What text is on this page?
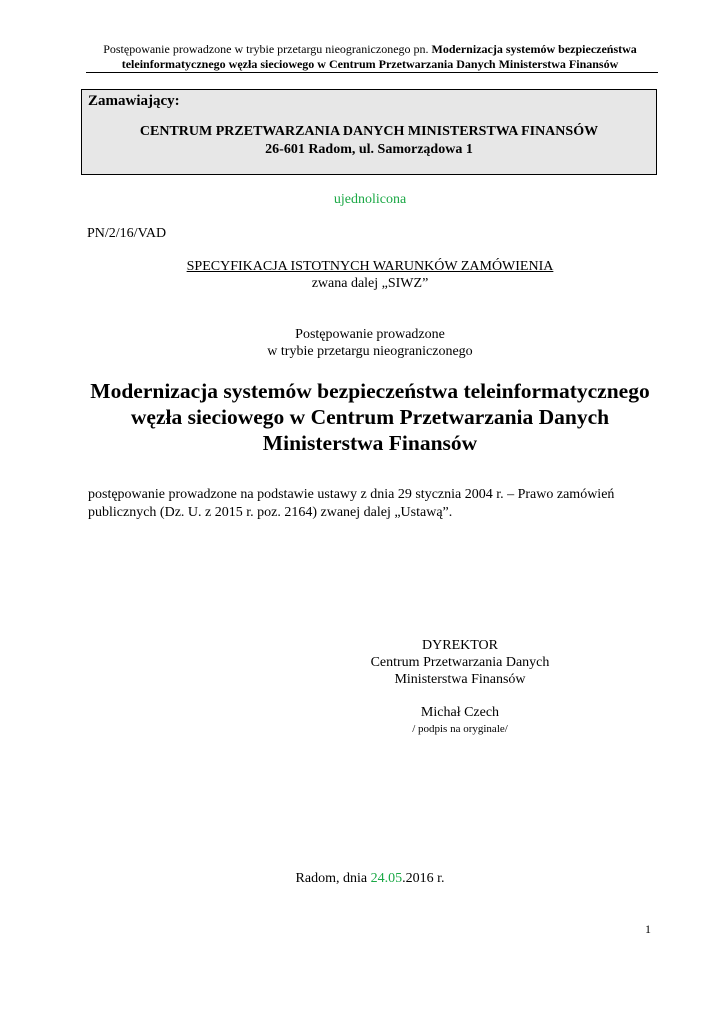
Postępowanie prowadzone w trybie przetargu nieograniczonego pn. Modernizacja systemów bezpieczeństwa teleinformatycznego węzła sieciowego w Centrum Przetwarzania Danych Ministerstwa Finansów
Zamawiający:
CENTRUM PRZETWARZANIA DANYCH MINISTERSTWA FINANSÓW
26-601 Radom, ul. Samorządowa 1
ujednolicona
PN/2/16/VAD
SPECYFIKACJA ISTOTNYCH WARUNKÓW ZAMÓWIENIA
zwana dalej „SIWZ”
Postępowanie prowadzone
w trybie przetargu nieograniczonego
Modernizacja systemów bezpieczeństwa teleinformatycznego węzła sieciowego w Centrum Przetwarzania Danych Ministerstwa Finansów
postępowanie prowadzone na podstawie ustawy z dnia 29 stycznia 2004 r. – Prawo zamówień publicznych (Dz. U. z 2015 r. poz. 2164) zwanej dalej „Ustawą”.
DYREKTOR
Centrum Przetwarzania Danych
Ministerstwa Finansów
Michał Czech
/ podpis na oryginale/
Radom, dnia 24.05.2016 r.
1
